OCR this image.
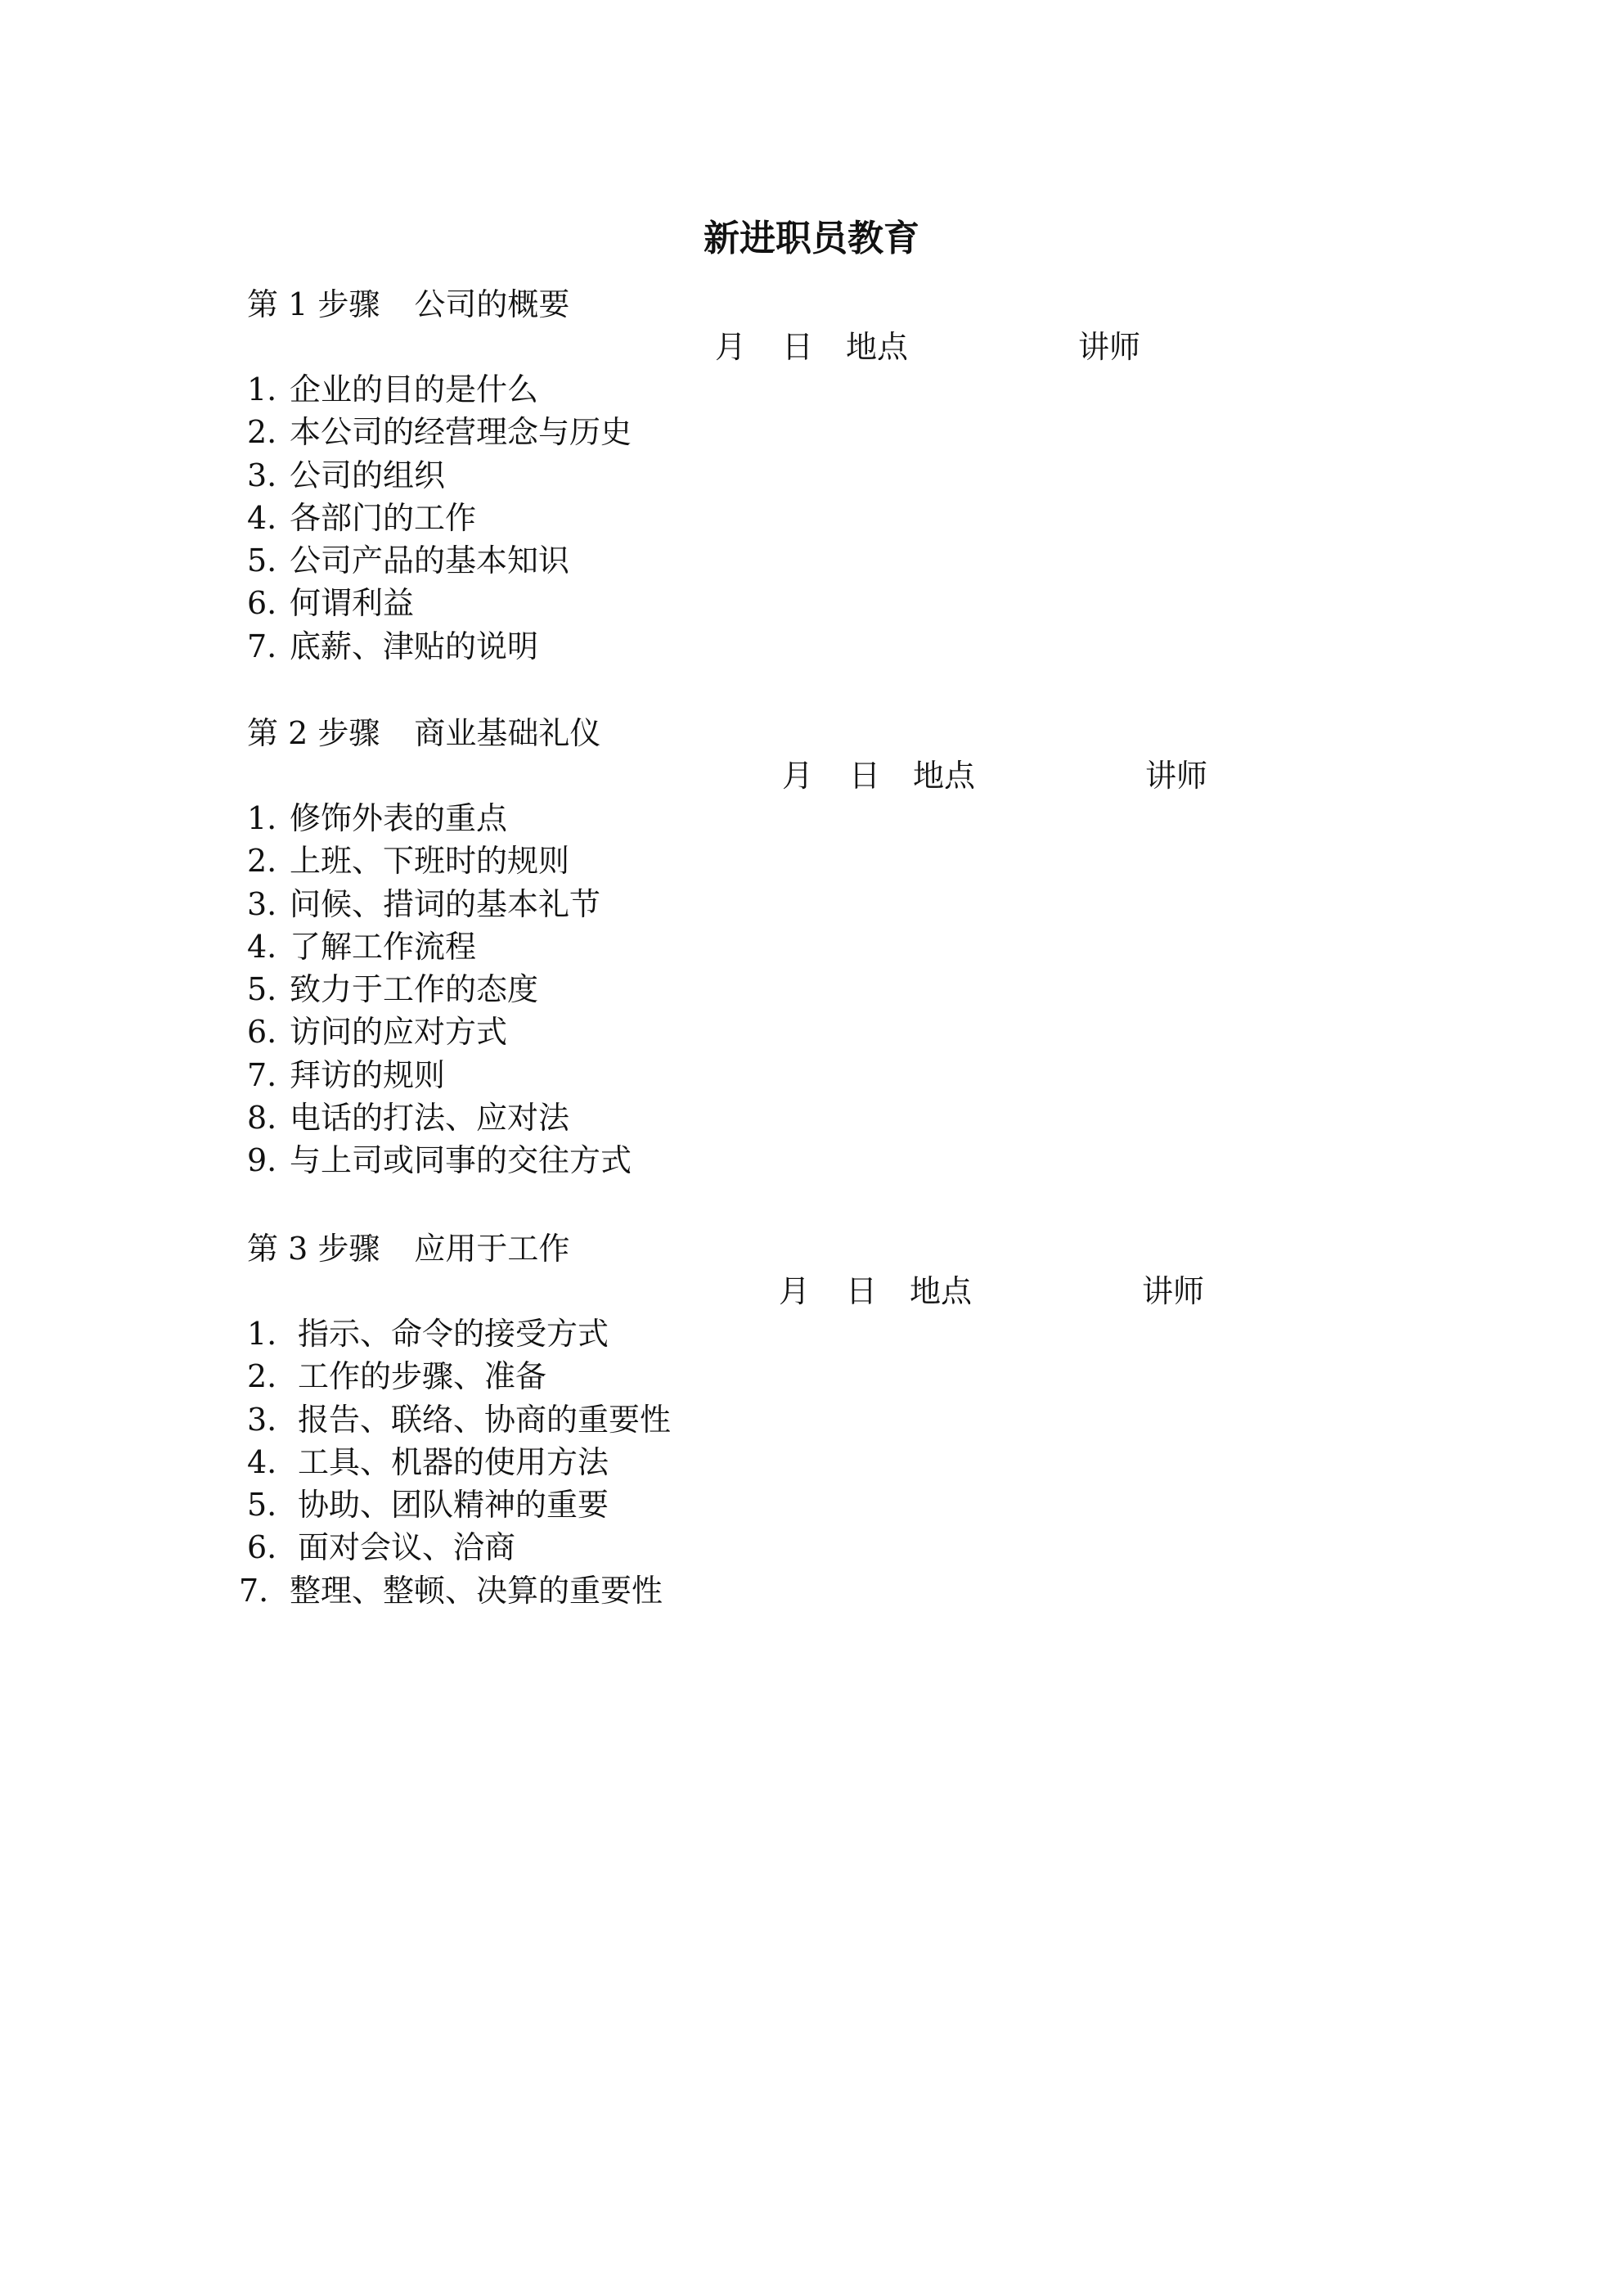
新进职员教育
第 1 步骤 公司的概要
月 日 地点	讲师
1. 企业的目的是什么
2. 本公司的经营理念与历史
3. 公司的组织
4. 各部门的工作
5. 公司产品的基本知识
6. 何谓利益
7. 底薪、津贴的说明
第 2 步骤 商业基础礼仪
月 日 地点	讲师
1. 修饰外表的重点
2. 上班、下班时的规则
3. 问候、措词的基本礼节
4. 了解工作流程
5. 致力于工作的态度
6. 访问的应对方式
7. 拜访的规则
8. 电话的打法、应对法
9. 与上司或同事的交往方式
第 3 步骤 应用于工作
月 日 地点	讲师
1. 指示、命令的接受方式
2. 工作的步骤、准备
3. 报告、联络、协商的重要性
4. 工具、机器的使用方法
5. 协助、团队精神的重要
6. 面对会议、洽商
7. 整理、整顿、决算的重要性
